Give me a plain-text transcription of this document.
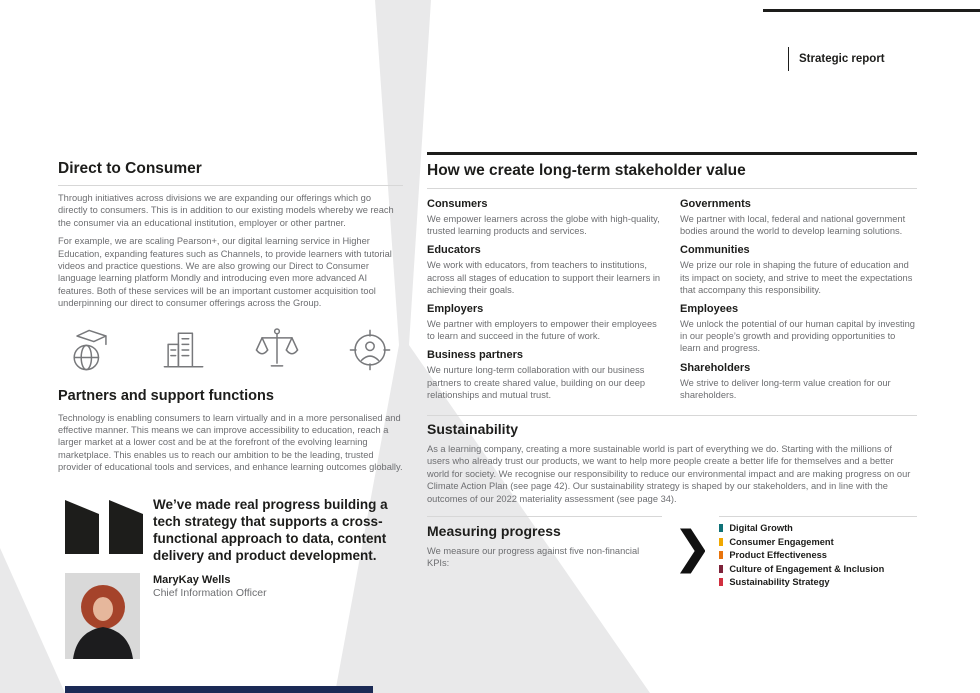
Strategic report
Direct to Consumer

Through initiatives across divisions we are expanding our offerings which go directly to consumers. This is in addition to our existing models whereby we reach the consumer via an educational institution, employer or other partner.

For example, we are scaling Pearson+, our digital learning service in Higher Education, expanding features such as Channels, to provide learners with tutorial videos and practice questions. We are also growing our Direct to Consumer language learning platform Mondly and introducing even more advanced AI features. Both of these services will be an important customer acquisition tool underpinning our direct to consumer offerings across the Group.

Partners and support functions

Technology is enabling consumers to learn virtually and in a more personalised and effective manner. This means we can improve accessibility to education, reach a larger market at a lower cost and be at the forefront of the evolving learning marketplace. This enables us to reach our ambition to be the leading, trusted provider of educational tools and services, and enhance learning outcomes globally.

We’ve made real progress building a tech strategy that supports a cross-functional approach to data, content delivery and product development.
MaryKay Wells
Chief Information Officer
How we create long-term stakeholder value
Consumers

We empower learners across the globe with high-quality, trusted learning products and services.

Educators

We work with educators, from teachers to institutions, across all stages of education to support their learners in achieving their goals.

Employers

We partner with employers to empower their employees to learn and succeed in the future of work.

Business partners

We nurture long-term collaboration with our business partners to create shared value, building on our deep relationships and mutual trust.

Governments

We partner with local, federal and national government bodies around the world to develop learning solutions.

Communities

We prize our role in shaping the future of education and its impact on society, and strive to meet the expectations that accompany this responsibility.

Employees

We unlock the potential of our human capital by investing in our people’s growth and providing opportunities to learn and progress.

Shareholders

We strive to deliver long-term value creation for our shareholders.

Sustainability

As a learning company, creating a more sustainable world is part of everything we do. Starting with the millions of users who already trust our products, we want to help more people create a better life for themselves and a better world for society. We recognise our responsibility to reduce our environmental impact and are making progress on our Climate Action Plan (see page 42). Our sustainability strategy is shaped by our stakeholders, and in line with the outcomes of our 2022 materiality assessment (see page 34).

Measuring progress

We measure our progress against five non-financial KPIs:

Digital Growth
Consumer Engagement
Product Effectiveness
Culture of Engagement & Inclusion
Sustainability Strategy
